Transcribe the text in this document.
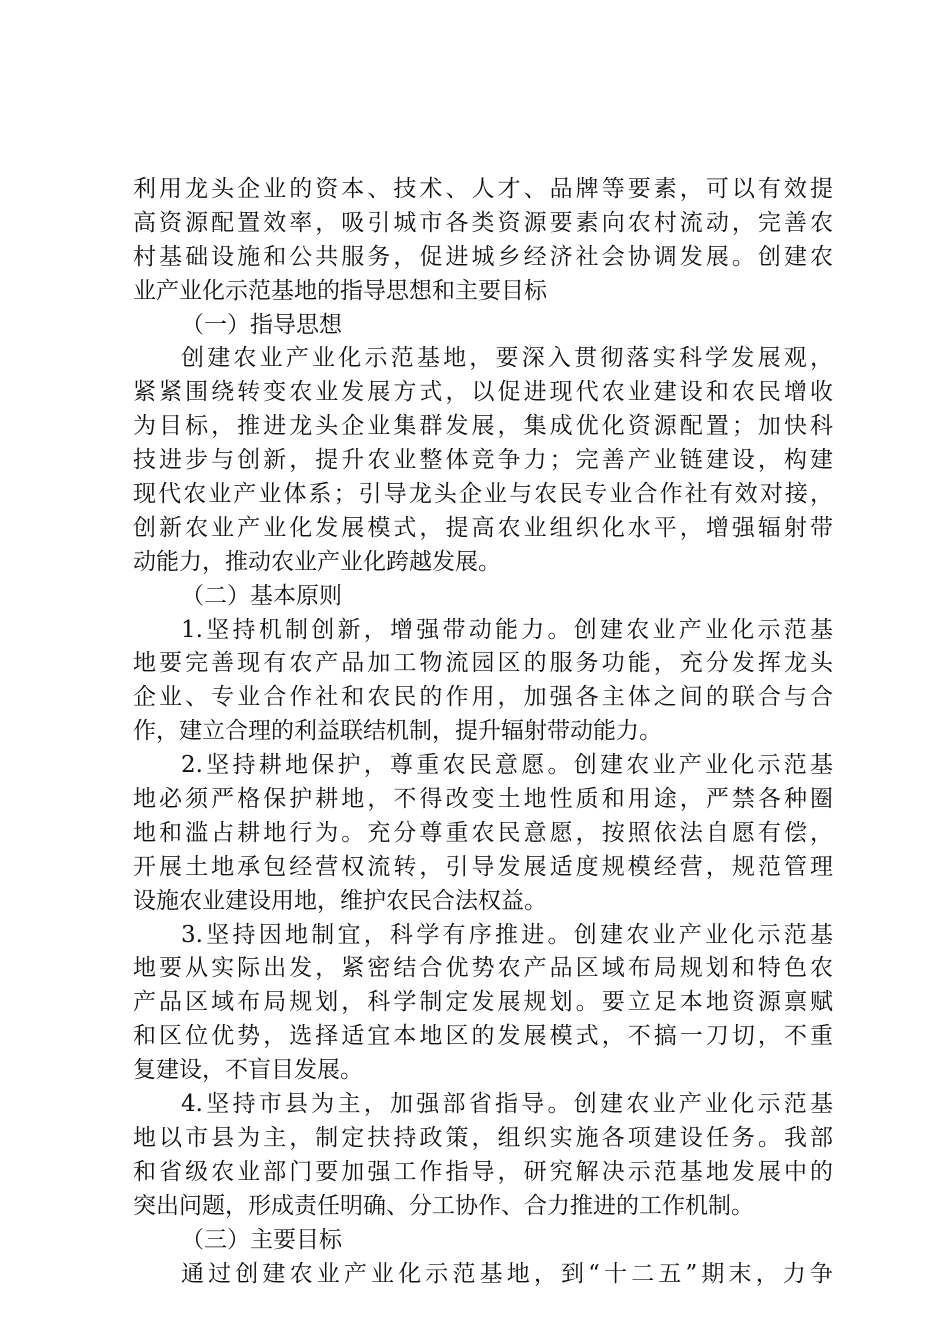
利用龙头企业的资本、技术、人才、品牌等要素，可以有效提
高资源配置效率，吸引城市各类资源要素向农村流动，完善农
村基础设施和公共服务，促进城乡经济社会协调发展。创建农
业产业化示范基地的指导思想和主要目标
（一）指导思想
创建农业产业化示范基地，要深入贯彻落实科学发展观，
紧紧围绕转变农业发展方式，以促进现代农业建设和农民增收
为目标，推进龙头企业集群发展，集成优化资源配置；加快科
技进步与创新，提升农业整体竞争力；完善产业链建设，构建
现代农业产业体系；引导龙头企业与农民专业合作社有效对接，
创新农业产业化发展模式，提高农业组织化水平，增强辐射带
动能力，推动农业产业化跨越发展。
（二）基本原则
1.坚持机制创新，增强带动能力。创建农业产业化示范基
地要完善现有农产品加工物流园区的服务功能，充分发挥龙头
企业、专业合作社和农民的作用，加强各主体之间的联合与合
作，建立合理的利益联结机制，提升辐射带动能力。
2.坚持耕地保护，尊重农民意愿。创建农业产业化示范基
地必须严格保护耕地，不得改变土地性质和用途，严禁各种圈
地和滥占耕地行为。充分尊重农民意愿，按照依法自愿有偿，
开展土地承包经营权流转，引导发展适度规模经营，规范管理
设施农业建设用地，维护农民合法权益。
3.坚持因地制宜，科学有序推进。创建农业产业化示范基
地要从实际出发，紧密结合优势农产品区域布局规划和特色农
产品区域布局规划，科学制定发展规划。要立足本地资源禀赋
和区位优势，选择适宜本地区的发展模式，不搞一刀切，不重
复建设，不盲目发展。
4.坚持市县为主，加强部省指导。创建农业产业化示范基
地以市县为主，制定扶持政策，组织实施各项建设任务。我部
和省级农业部门要加强工作指导，研究解决示范基地发展中的
突出问题，形成责任明确、分工协作、合力推进的工作机制。
（三）主要目标
通过创建农业产业化示范基地，到“十二五”期末，力争
